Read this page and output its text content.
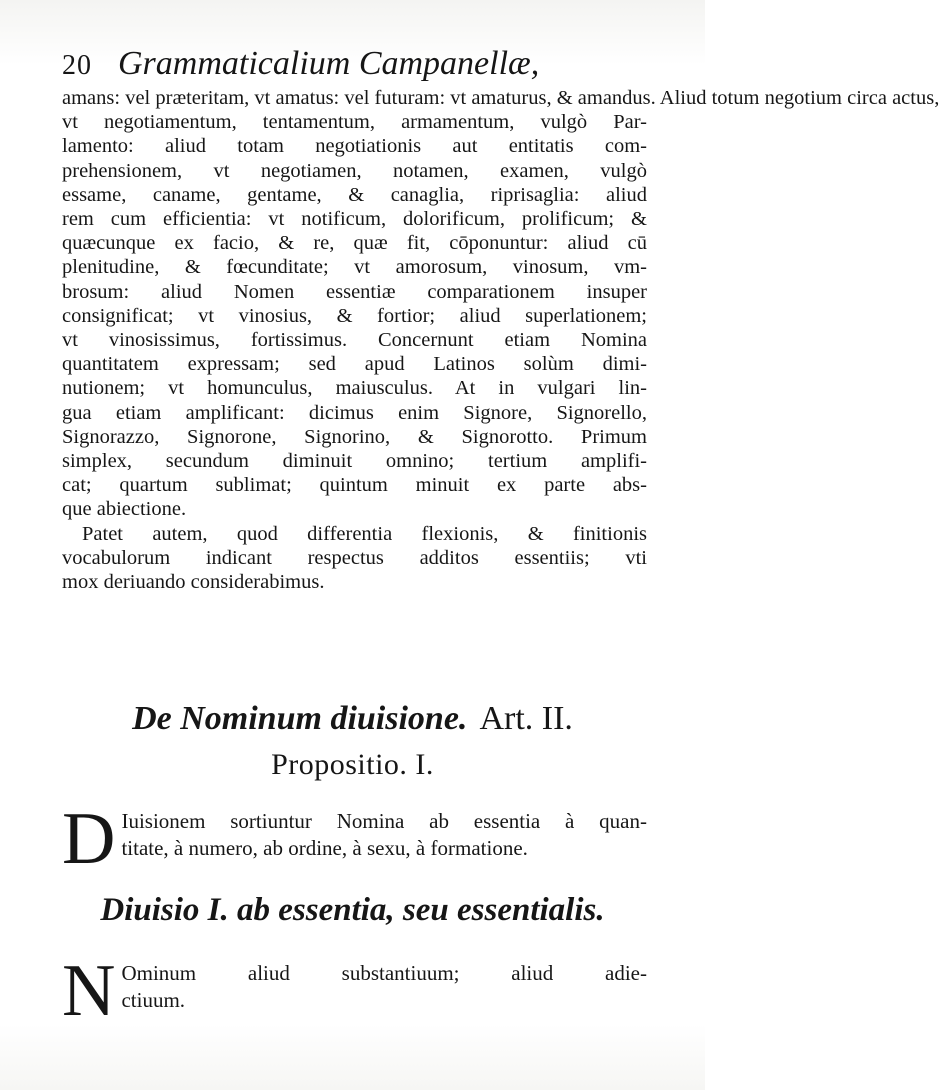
20 Grammaticalium Campanellæ,
amans: vel præteritam, vt amatus: vel futuram: vt amaturus, & amandus. Aliud totum negotium circa actus,
vt negotiamentum, tentamentum, armamentum, vulgò Par-
lamento: aliud totam negotiationis aut entitatis com-
prehensionem, vt negotiamen, notamen, examen, vulgò
essame, caname, gentame, & canaglia, riprisaglia: aliud
rem cum efficientia: vt notificum, dolorificum, prolificum; &
quæcunque ex facio, & re, quæ fit, cōponuntur: aliud cū
plenitudine, & fœcunditate; vt amorosum, vinosum, vm-
brosum: aliud Nomen essentiæ comparationem insuper
consignificat; vt vinosius, & fortior; aliud superlationem;
vt vinosissimus, fortissimus. Concernunt etiam Nomina
quantitatem expressam; sed apud Latinos solùm dimi-
nutionem; vt homunculus, maiusculus. At in vulgari lin-
gua etiam amplificant: dicimus enim Signore, Signorello,
Signorazzo, Signorone, Signorino, & Signorotto. Primum
simplex, secundum diminuit omnino; tertium amplifi-
cat; quartum sublimat; quintum minuit ex parte abs-
que abiectione.
Patet autem, quod differentia flexionis, & finitionis
vocabulorum indicant respectus additos essentiis; vti
mox deriuando considerabimus.
De Nominum diuisione. Art. II.
Propositio. I.
D Iuisionem sortiuntur Nomina ab essentia à quan-
titate, à numero, ab ordine, à sexu, à formatione.
Diuisio I. ab essentia, seu essentialis.
N Ominum aliud substantiuum; aliud adie-
ctiuum.
